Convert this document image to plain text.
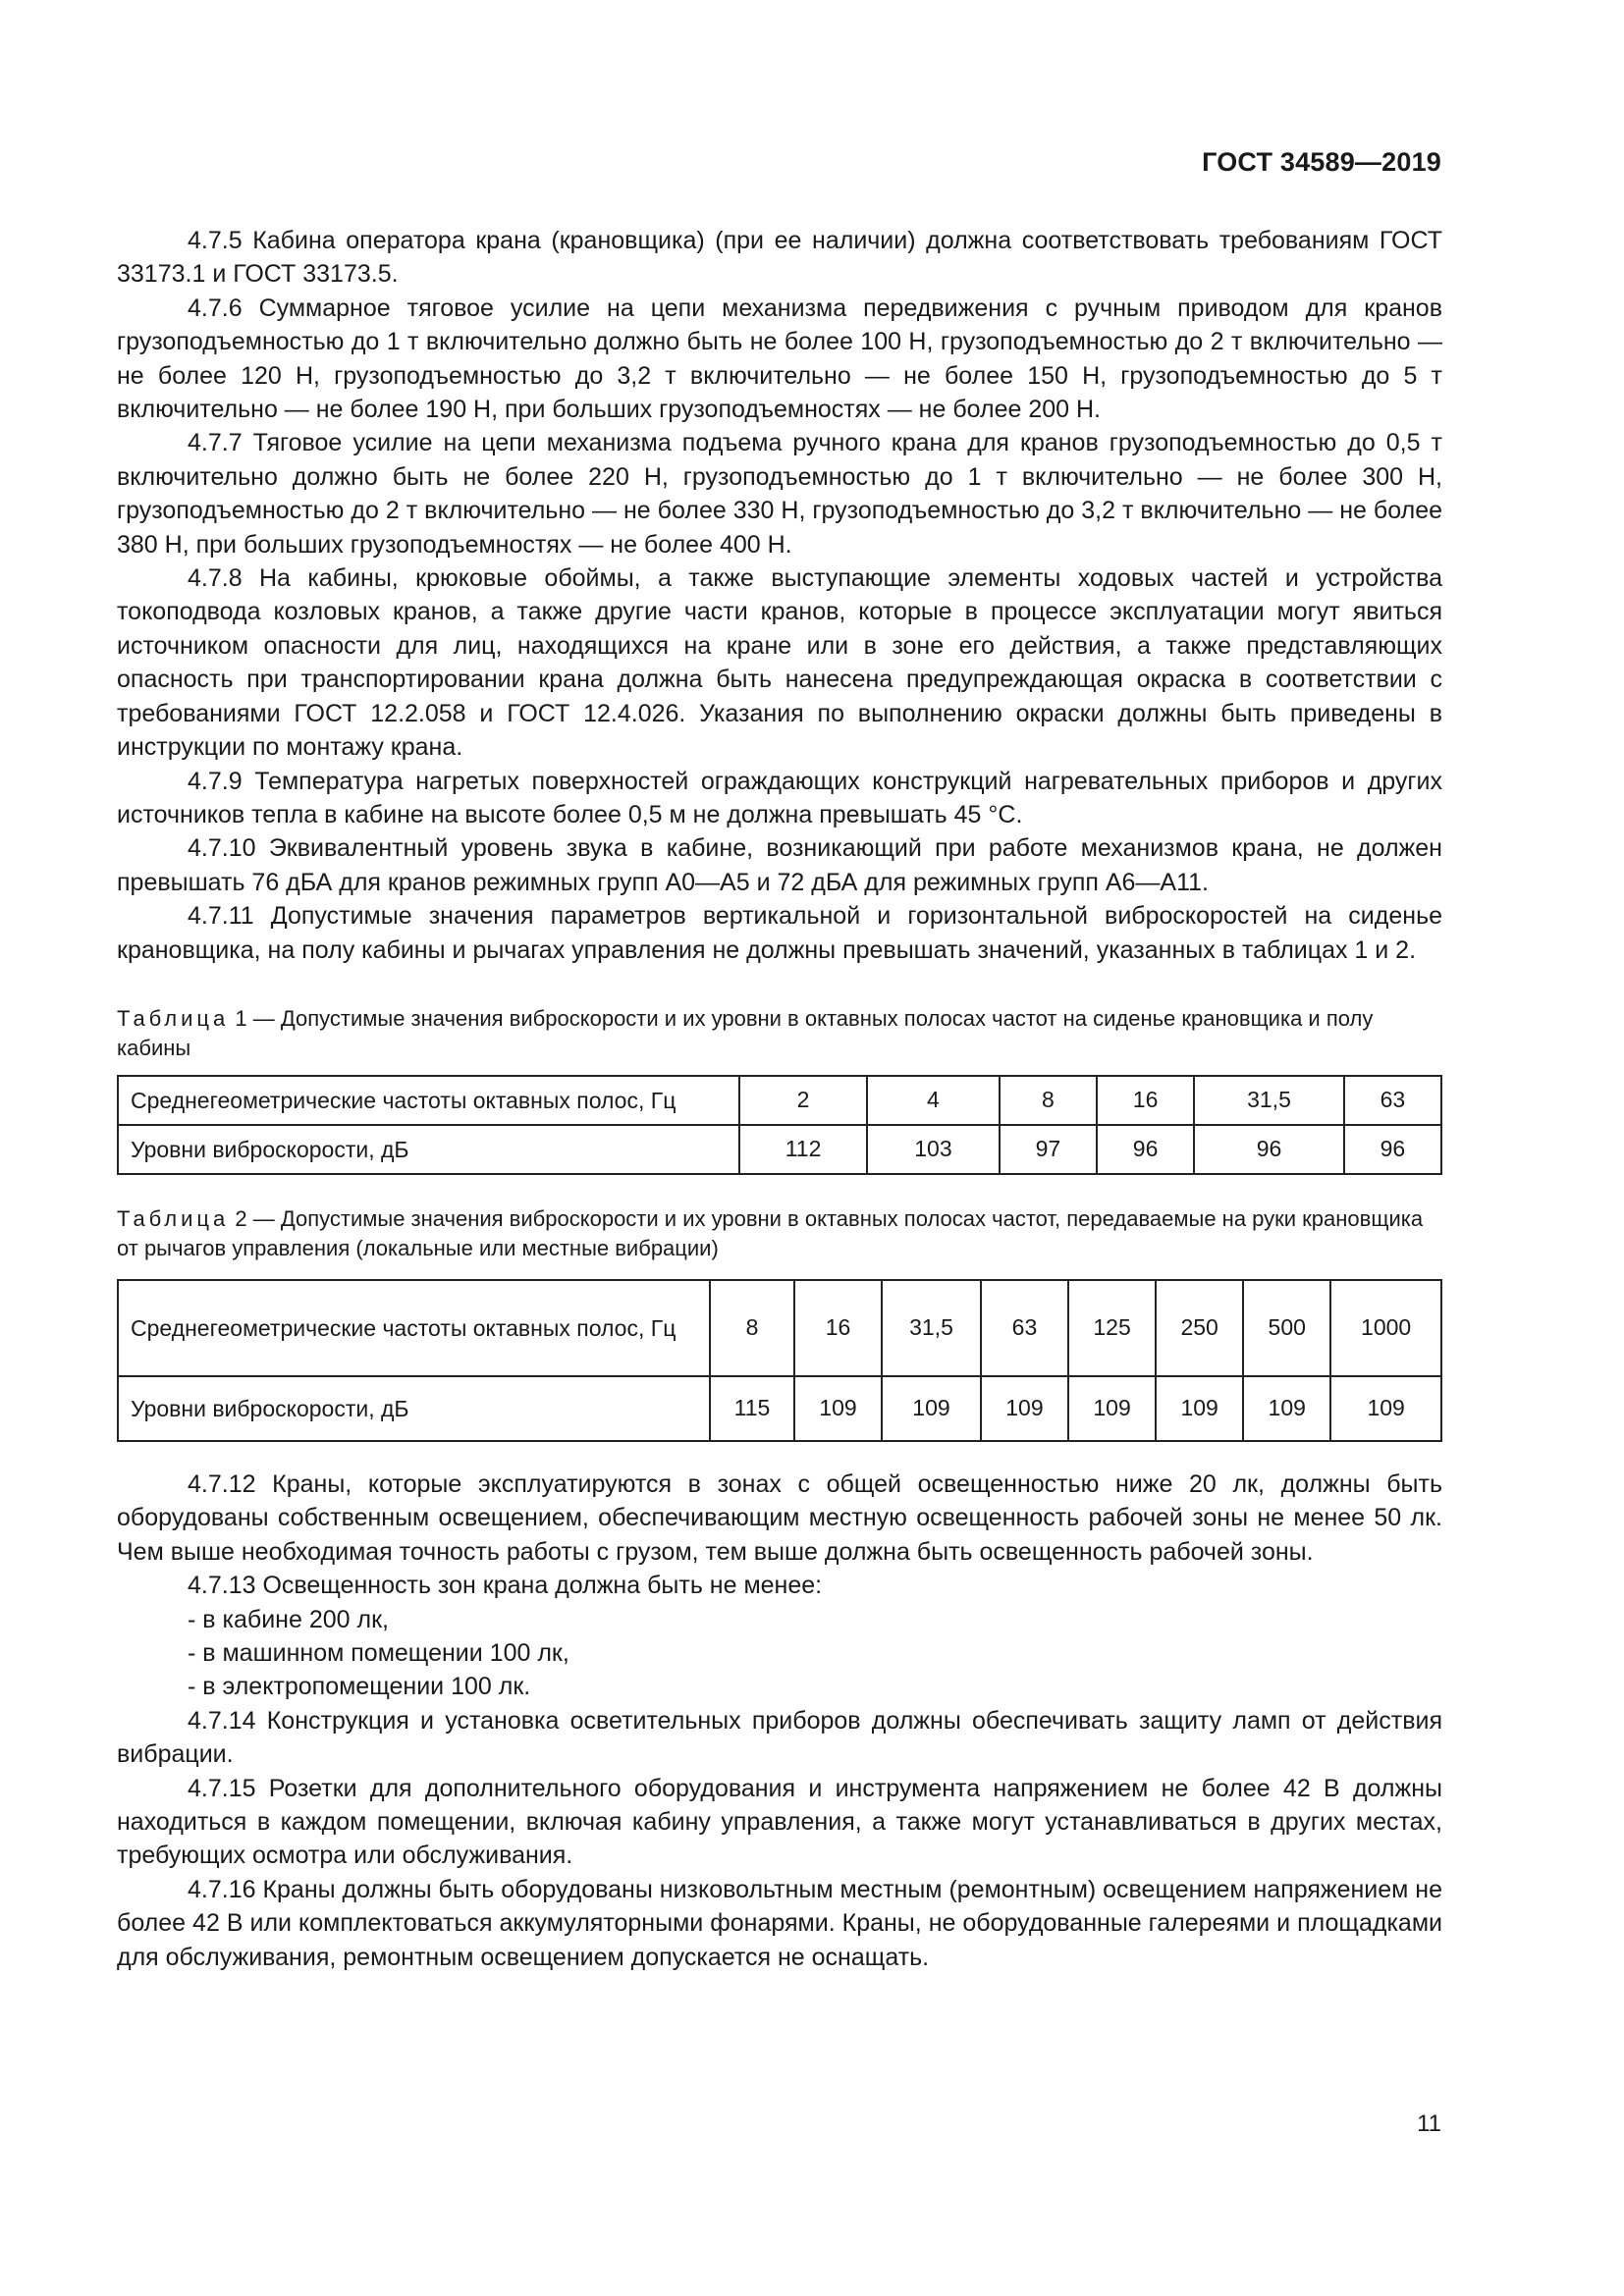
ГОСТ 34589—2019

4.7.5 Кабина оператора крана (крановщика) (при ее наличии) должна соответствовать требованиям ГОСТ 33173.1 и ГОСТ 33173.5.

4.7.6 Суммарное тяговое усилие на цепи механизма передвижения с ручным приводом для кранов грузоподъемностью до 1 т включительно должно быть не более 100 Н, грузоподъемностью до 2 т включительно — не более 120 Н, грузоподъемностью до 3,2 т включительно — не более 150 Н, грузоподъемностью до 5 т включительно — не более 190 Н, при больших грузоподъемностях — не более 200 Н.

4.7.7 Тяговое усилие на цепи механизма подъема ручного крана для кранов грузоподъемностью до 0,5 т включительно должно быть не более 220 Н, грузоподъемностью до 1 т включительно — не более 300 Н, грузоподъемностью до 2 т включительно — не более 330 Н, грузоподъемностью до 3,2 т включительно — не более 380 Н, при больших грузоподъемностях — не более 400 Н.

4.7.8 На кабины, крюковые обоймы, а также выступающие элементы ходовых частей и устройства токоподвода козловых кранов, а также другие части кранов, которые в процессе эксплуатации могут явиться источником опасности для лиц, находящихся на кране или в зоне его действия, а также представляющих опасность при транспортировании крана должна быть нанесена предупреждающая окраска в соответствии с требованиями ГОСТ 12.2.058 и ГОСТ 12.4.026. Указания по выполнению окраски должны быть приведены в инструкции по монтажу крана.

4.7.9 Температура нагретых поверхностей ограждающих конструкций нагревательных приборов и других источников тепла в кабине на высоте более 0,5 м не должна превышать 45 °С.

4.7.10 Эквивалентный уровень звука в кабине, возникающий при работе механизмов крана, не должен превышать 76 дБА для кранов режимных групп А0—А5 и 72 дБА для режимных групп А6—А11.

4.7.11 Допустимые значения параметров вертикальной и горизонтальной виброскоростей на сиденье крановщика, на полу кабины и рычагах управления не должны превышать значений, указанных в таблицах 1 и 2.

Таблица 1 — Допустимые значения виброскорости и их уровни в октавных полосах частот на сиденье крановщика и полу кабины

Среднегеометрические частоты октавных полос, Гц	2	4	8	16	31,5	63
Уровни виброскорости, дБ	112	103	97	96	96	96

Таблица 2 — Допустимые значения виброскорости и их уровни в октавных полосах частот, передаваемые на руки крановщика от рычагов управления (локальные или местные вибрации)

Среднегеометрические частоты октавных полос, Гц	8	16	31,5	63	125	250	500	1000
Уровни виброскорости, дБ	115	109	109	109	109	109	109	109

4.7.12 Краны, которые эксплуатируются в зонах с общей освещенностью ниже 20 лк, должны быть оборудованы собственным освещением, обеспечивающим местную освещенность рабочей зоны не менее 50 лк. Чем выше необходимая точность работы с грузом, тем выше должна быть освещенность рабочей зоны.

4.7.13 Освещенность зон крана должна быть не менее:

- в кабине 200 лк,

- в машинном помещении 100 лк,

- в электропомещении 100 лк.

4.7.14 Конструкция и установка осветительных приборов должны обеспечивать защиту ламп от действия вибрации.

4.7.15 Розетки для дополнительного оборудования и инструмента напряжением не более 42 В должны находиться в каждом помещении, включая кабину управления, а также могут устанавливаться в других местах, требующих осмотра или обслуживания.

4.7.16 Краны должны быть оборудованы низковольтным местным (ремонтным) освещением напряжением не более 42 В или комплектоваться аккумуляторными фонарями. Краны, не оборудованные галереями и площадками для обслуживания, ремонтным освещением допускается не оснащать.

11
